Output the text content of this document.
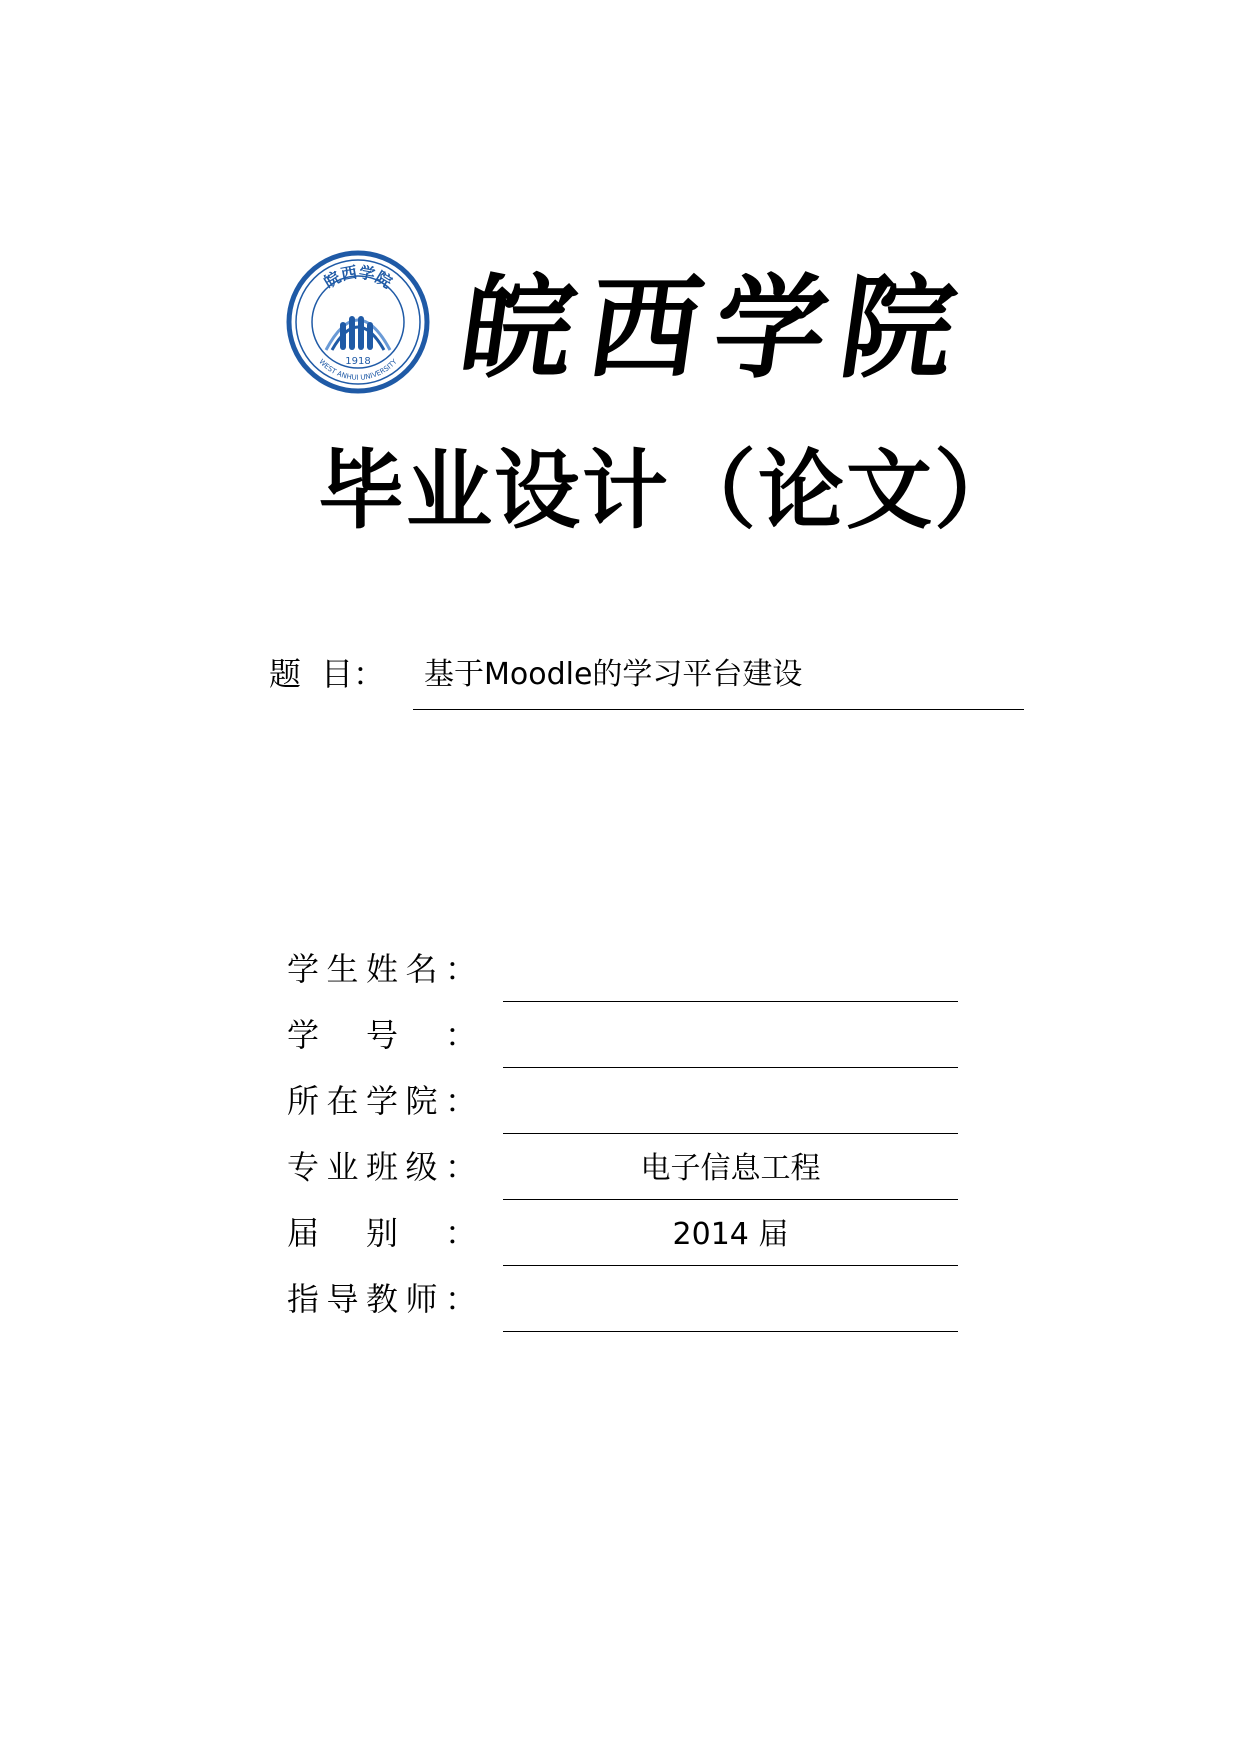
1918
皖西学院
WEST ANHUI UNIVERSITY 皖
西
学
院
毕业设计（论文）
题 目： 基于Moodle的学习平台建设
学 生 姓 名 ：
学 号 ：
所 在 学 院 ：
专 业 班 级 ：	电子信息工程
届 别 ：	2014 届
指 导 教 师 ：
